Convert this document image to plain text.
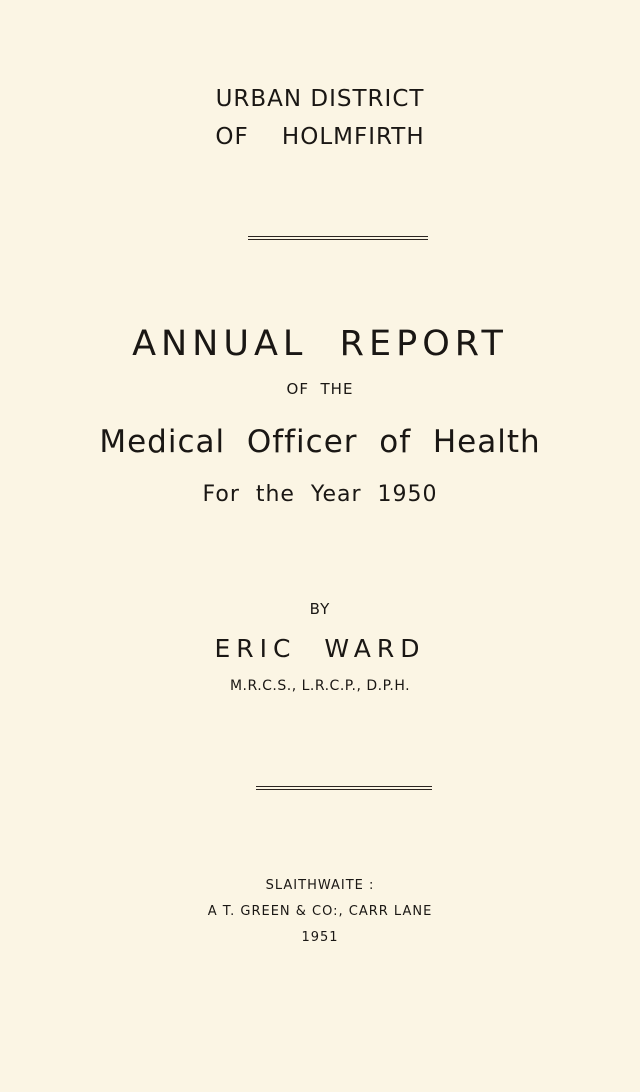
URBAN DISTRICT

OF    HOLMFIRTH

ANNUAL  REPORT

OF  THE

Medical  Officer  of  Health

For  the  Year  1950

BY

ERIC  WARD

M.R.C.S., L.R.C.P., D.P.H.

SLAITHWAITE :

A T. GREEN & CO:, CARR LANE

1951
